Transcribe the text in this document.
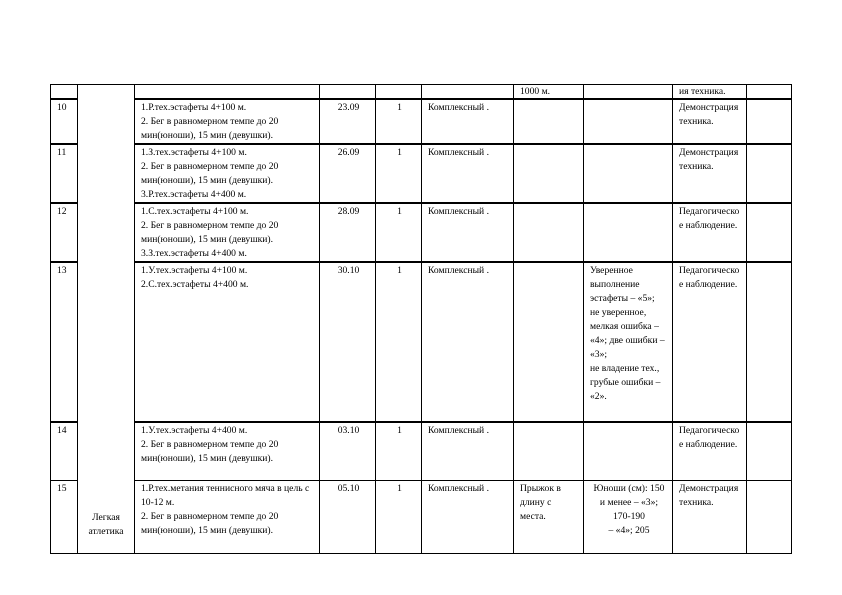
	Легкая атлетика					1000 м.		ия техника.	
10		1.Р.тех.эстафеты 4+100 м.
2. Бег в равномерном темпе до 20 мин(юноши), 15 мин (девушки).	23.09	1	Комплексный .			Демонстрация техника.	
11		1.З.тех.эстафеты 4+100 м.
2. Бег в равномерном темпе до 20 мин(юноши), 15 мин (девушки).
3.Р.тех.эстафеты 4+400 м.	26.09	1	Комплексный .			Демонстрация техника.	
12		1.С.тех.эстафеты 4+100 м.
2. Бег в равномерном темпе до 20 мин(юноши), 15 мин (девушки).
3.З.тех.эстафеты 4+400 м.	28.09	1	Комплексный .			Педагогическое наблюдение.	
13		1.У.тех.эстафеты 4+100 м.
2.С.тех.эстафеты 4+400 м.	30.10	1	Комплексный .		Уверенное выполнение эстафеты – «5»;
не уверенное, мелкая ошибка – «4»; две ошибки – «3»;
не владение тех., грубые ошибки – «2».	Педагогическое наблюдение.	
14		1.У.тех.эстафеты 4+400 м.
2. Бег в равномерном темпе до 20 мин(юноши), 15 мин (девушки).	03.10	1	Комплексный .			Педагогическое наблюдение.	
15		1.Р.тех.метания теннисного мяча в цель с 10-12 м.
2. Бег в равномерном темпе до 20 мин(юноши), 15 мин (девушки).	05.10	1	Комплексный .	Прыжок в длину с места.	Юноши (см): 150
и менее – «3»; 170-190
– «4»; 205	Демонстрация техника.	
